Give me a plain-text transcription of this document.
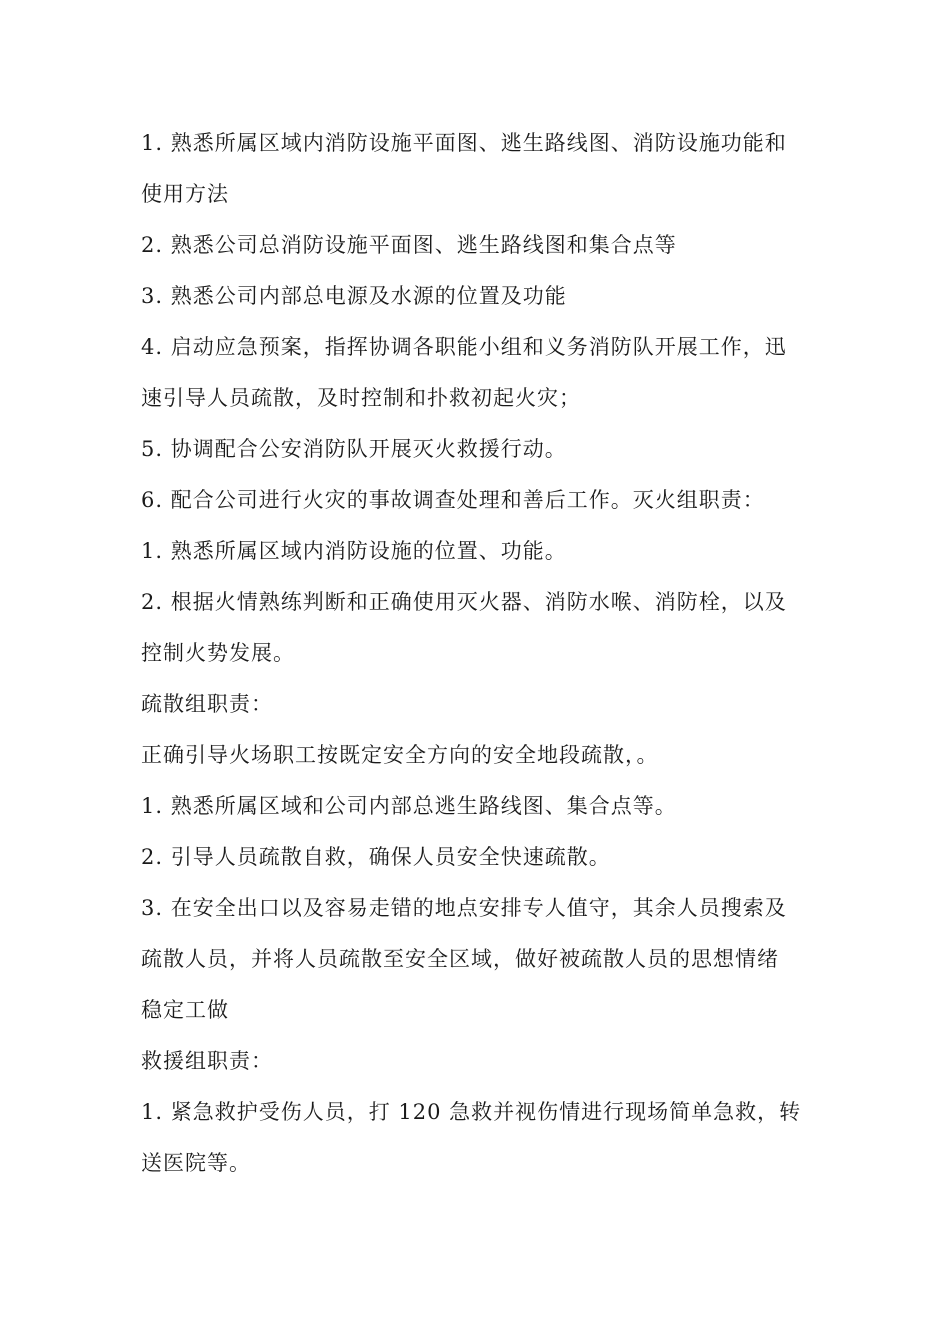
1. 熟悉所属区域内消防设施平面图、逃生路线图、消防设施功能和
使用方法
2. 熟悉公司总消防设施平面图、逃生路线图和集合点等
3. 熟悉公司内部总电源及水源的位置及功能
4. 启动应急预案，指挥协调各职能小组和义务消防队开展工作，迅
速引导人员疏散，及时控制和扑救初起火灾；
5. 协调配合公安消防队开展灭火救援行动。
6. 配合公司进行火灾的事故调查处理和善后工作。灭火组职责：
1. 熟悉所属区域内消防设施的位置、功能。
2. 根据火情熟练判断和正确使用灭火器、消防水喉、消防栓，以及
控制火势发展。
疏散组职责：
正确引导火场职工按既定安全方向的安全地段疏散，。
1. 熟悉所属区域和公司内部总逃生路线图、集合点等。
2. 引导人员疏散自救，确保人员安全快速疏散。
3. 在安全出口以及容易走错的地点安排专人值守，其余人员搜索及
疏散人员，并将人员疏散至安全区域，做好被疏散人员的思想情绪
稳定工做
救援组职责：
1. 紧急救护受伤人员，打 120 急救并视伤情进行现场简单急救，转
送医院等。
